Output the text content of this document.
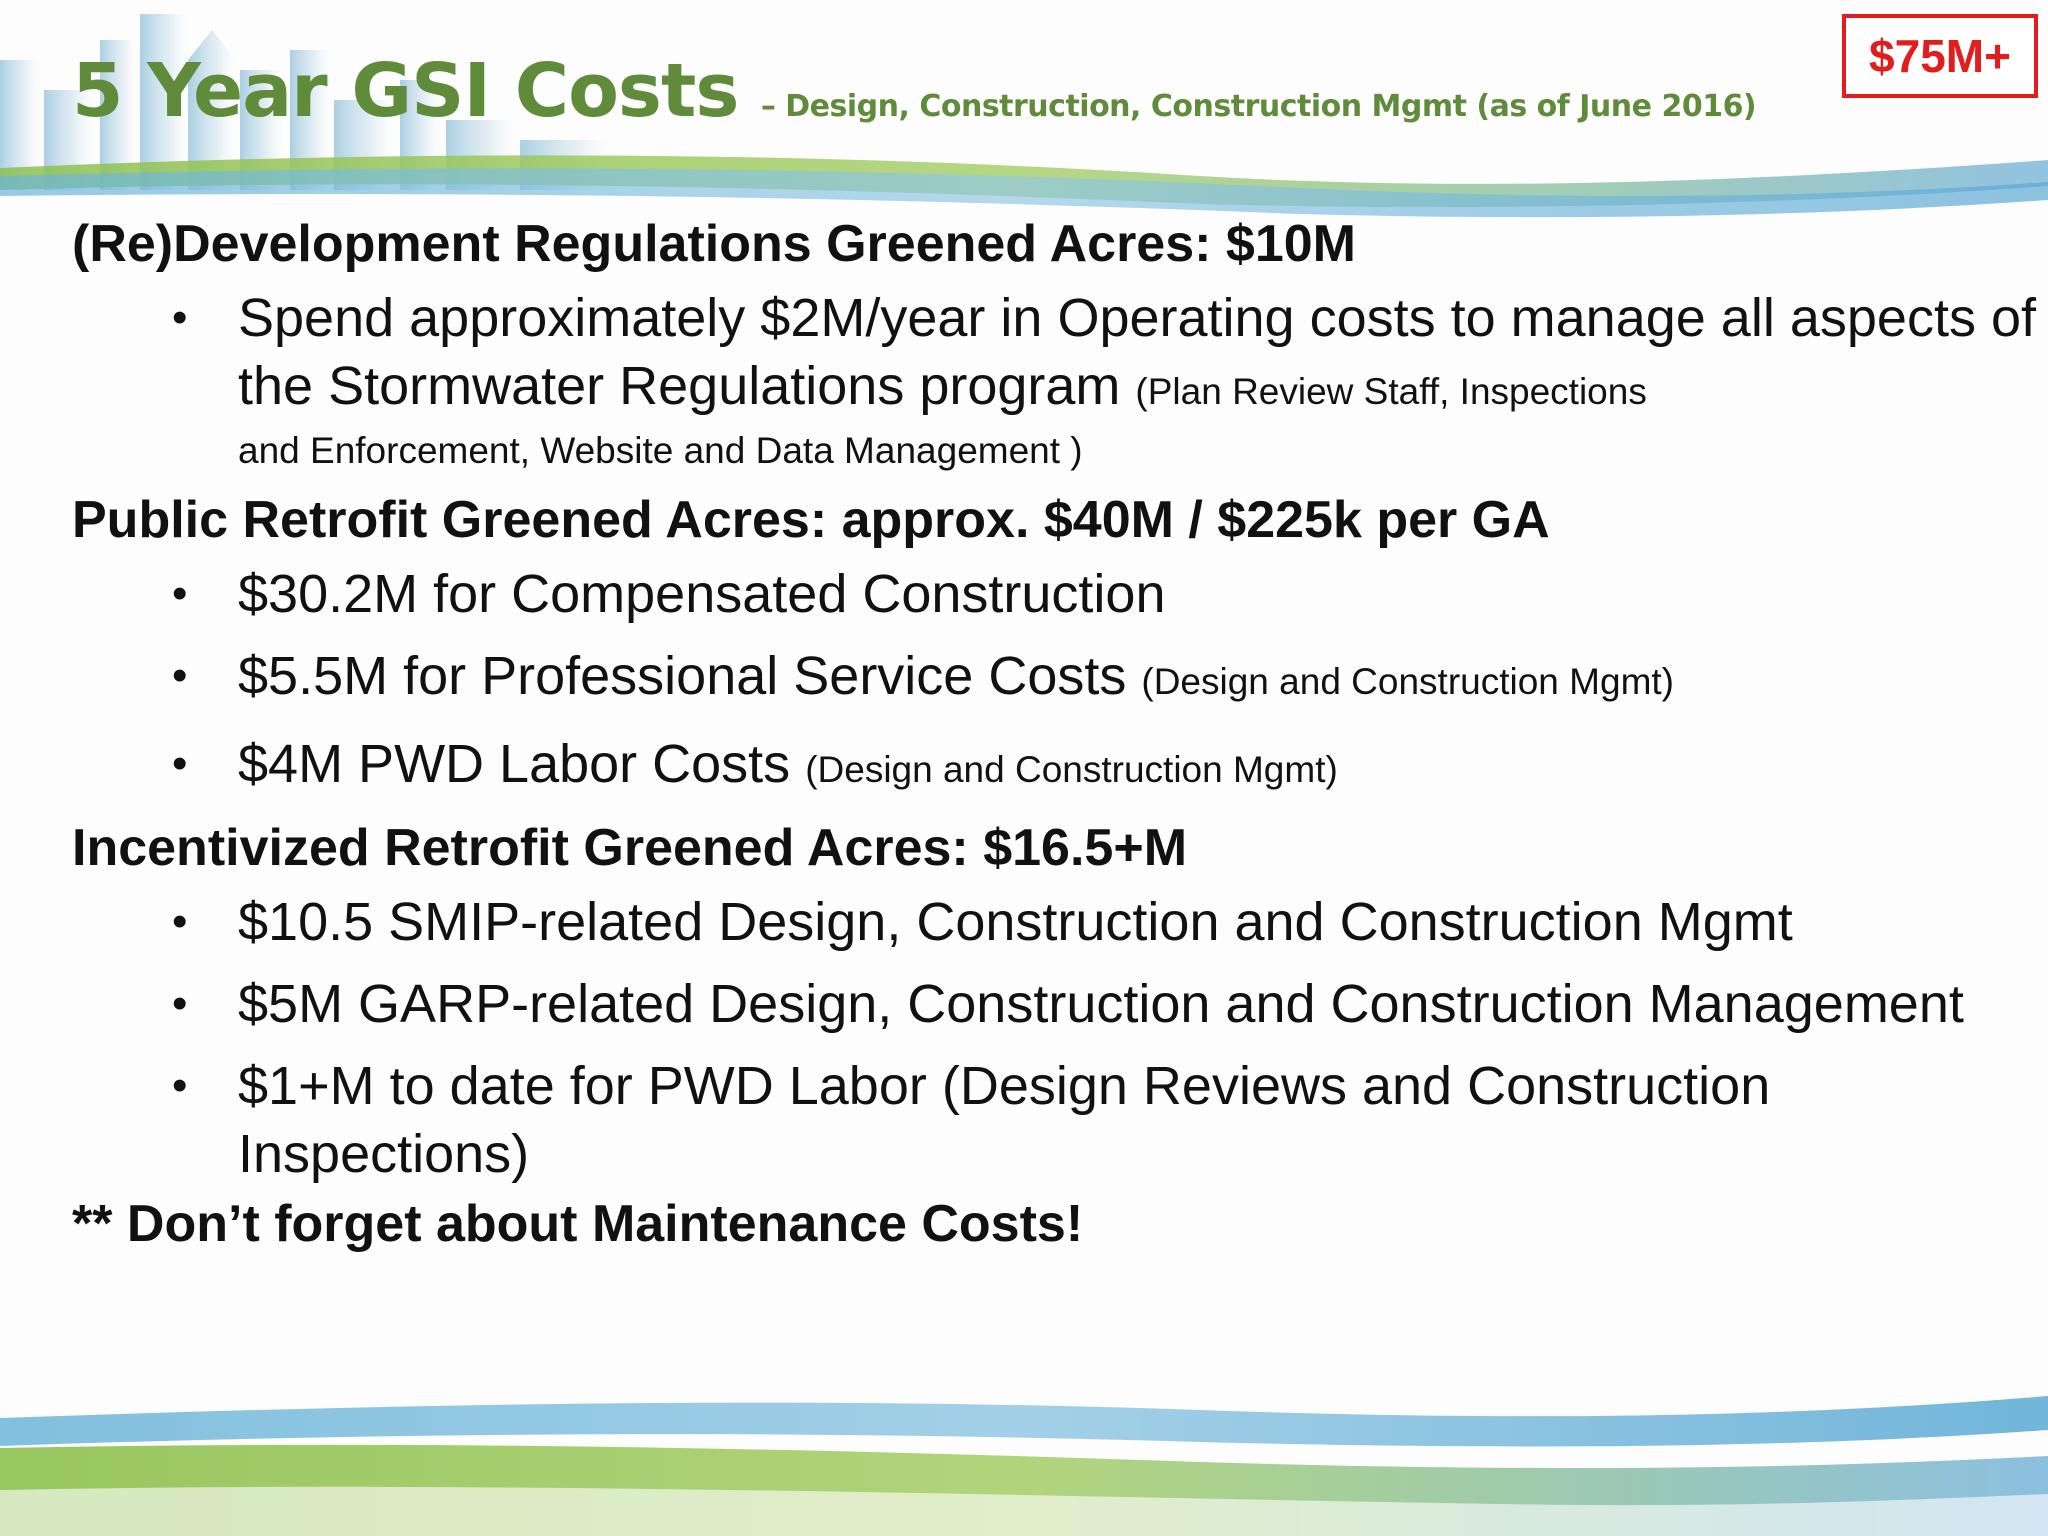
5 Year GSI Costs – Design, Construction, Construction Mgmt (as of June 2016)
$75M+

(Re)Development Regulations Greened Acres: $10M

• Spend approximately $2M/year in Operating costs to manage all aspects of the Stormwater Regulations program (Plan Review Staff, Inspections
and Enforcement, Website and Data Management )

Public Retrofit Greened Acres: approx. $40M / $225k per GA

• $30.2M for Compensated Construction
• $5.5M for Professional Service Costs (Design and Construction Mgmt)
• $4M PWD Labor Costs (Design and Construction Mgmt)

Incentivized Retrofit Greened Acres: $16.5+M

• $10.5 SMIP-related Design, Construction and Construction Mgmt
• $5M GARP-related Design, Construction and Construction Management
• $1+M to date for PWD Labor (Design Reviews and Construction Inspections)

** Don’t forget about Maintenance Costs!
